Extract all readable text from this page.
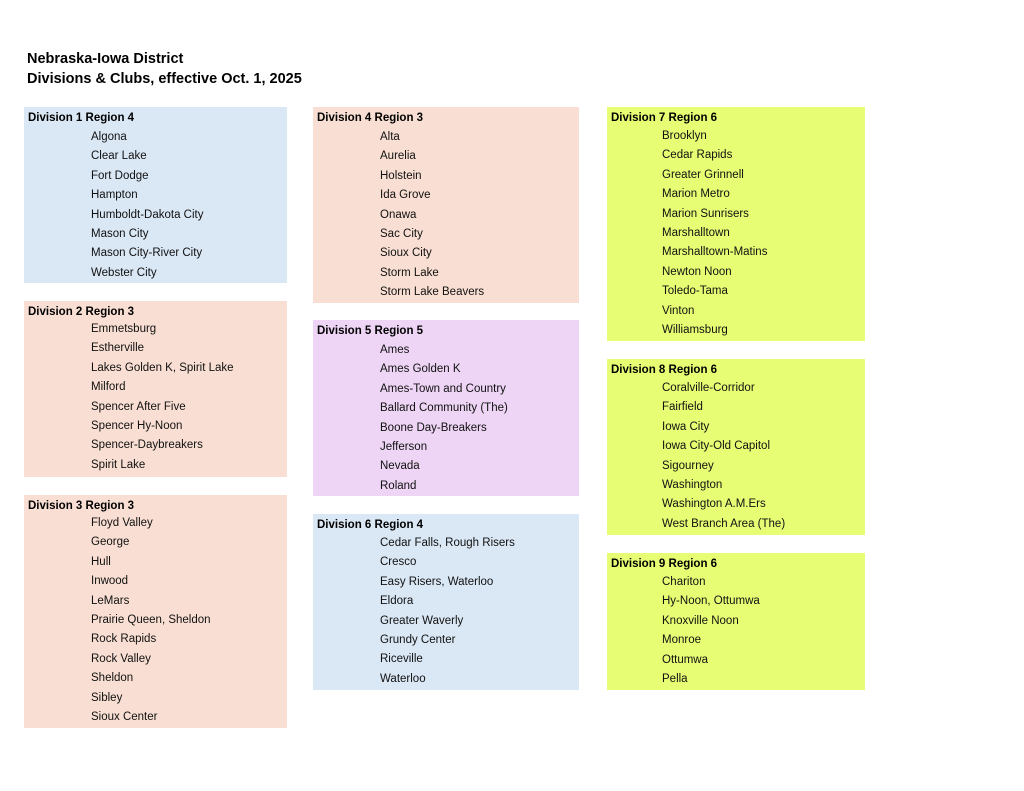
Nebraska-Iowa District
Divisions & Clubs, effective Oct. 1, 2025
Division 1 Region 4
Algona
Clear Lake
Fort Dodge
Hampton
Humboldt-Dakota City
Mason City
Mason City-River City
Webster City
Division 2 Region 3
Emmetsburg
Estherville
Lakes Golden K, Spirit Lake
Milford
Spencer After Five
Spencer Hy-Noon
Spencer-Daybreakers
Spirit Lake
Division 3 Region 3
Floyd Valley
George
Hull
Inwood
LeMars
Prairie Queen, Sheldon
Rock Rapids
Rock Valley
Sheldon
Sibley
Sioux Center
Division 4 Region 3
Alta
Aurelia
Holstein
Ida Grove
Onawa
Sac City
Sioux City
Storm Lake
Storm Lake Beavers
Division 5 Region 5
Ames
Ames Golden K
Ames-Town and Country
Ballard Community (The)
Boone Day-Breakers
Jefferson
Nevada
Roland
Division 6 Region 4
Cedar Falls, Rough Risers
Cresco
Easy Risers, Waterloo
Eldora
Greater Waverly
Grundy Center
Riceville
Waterloo
Division 7 Region 6
Brooklyn
Cedar Rapids
Greater Grinnell
Marion Metro
Marion Sunrisers
Marshalltown
Marshalltown-Matins
Newton Noon
Toledo-Tama
Vinton
Williamsburg
Division 8 Region 6
Coralville-Corridor
Fairfield
Iowa City
Iowa City-Old Capitol
Sigourney
Washington
Washington A.M.Ers
West Branch Area (The)
Division 9 Region 6
Chariton
Hy-Noon, Ottumwa
Knoxville Noon
Monroe
Ottumwa
Pella
